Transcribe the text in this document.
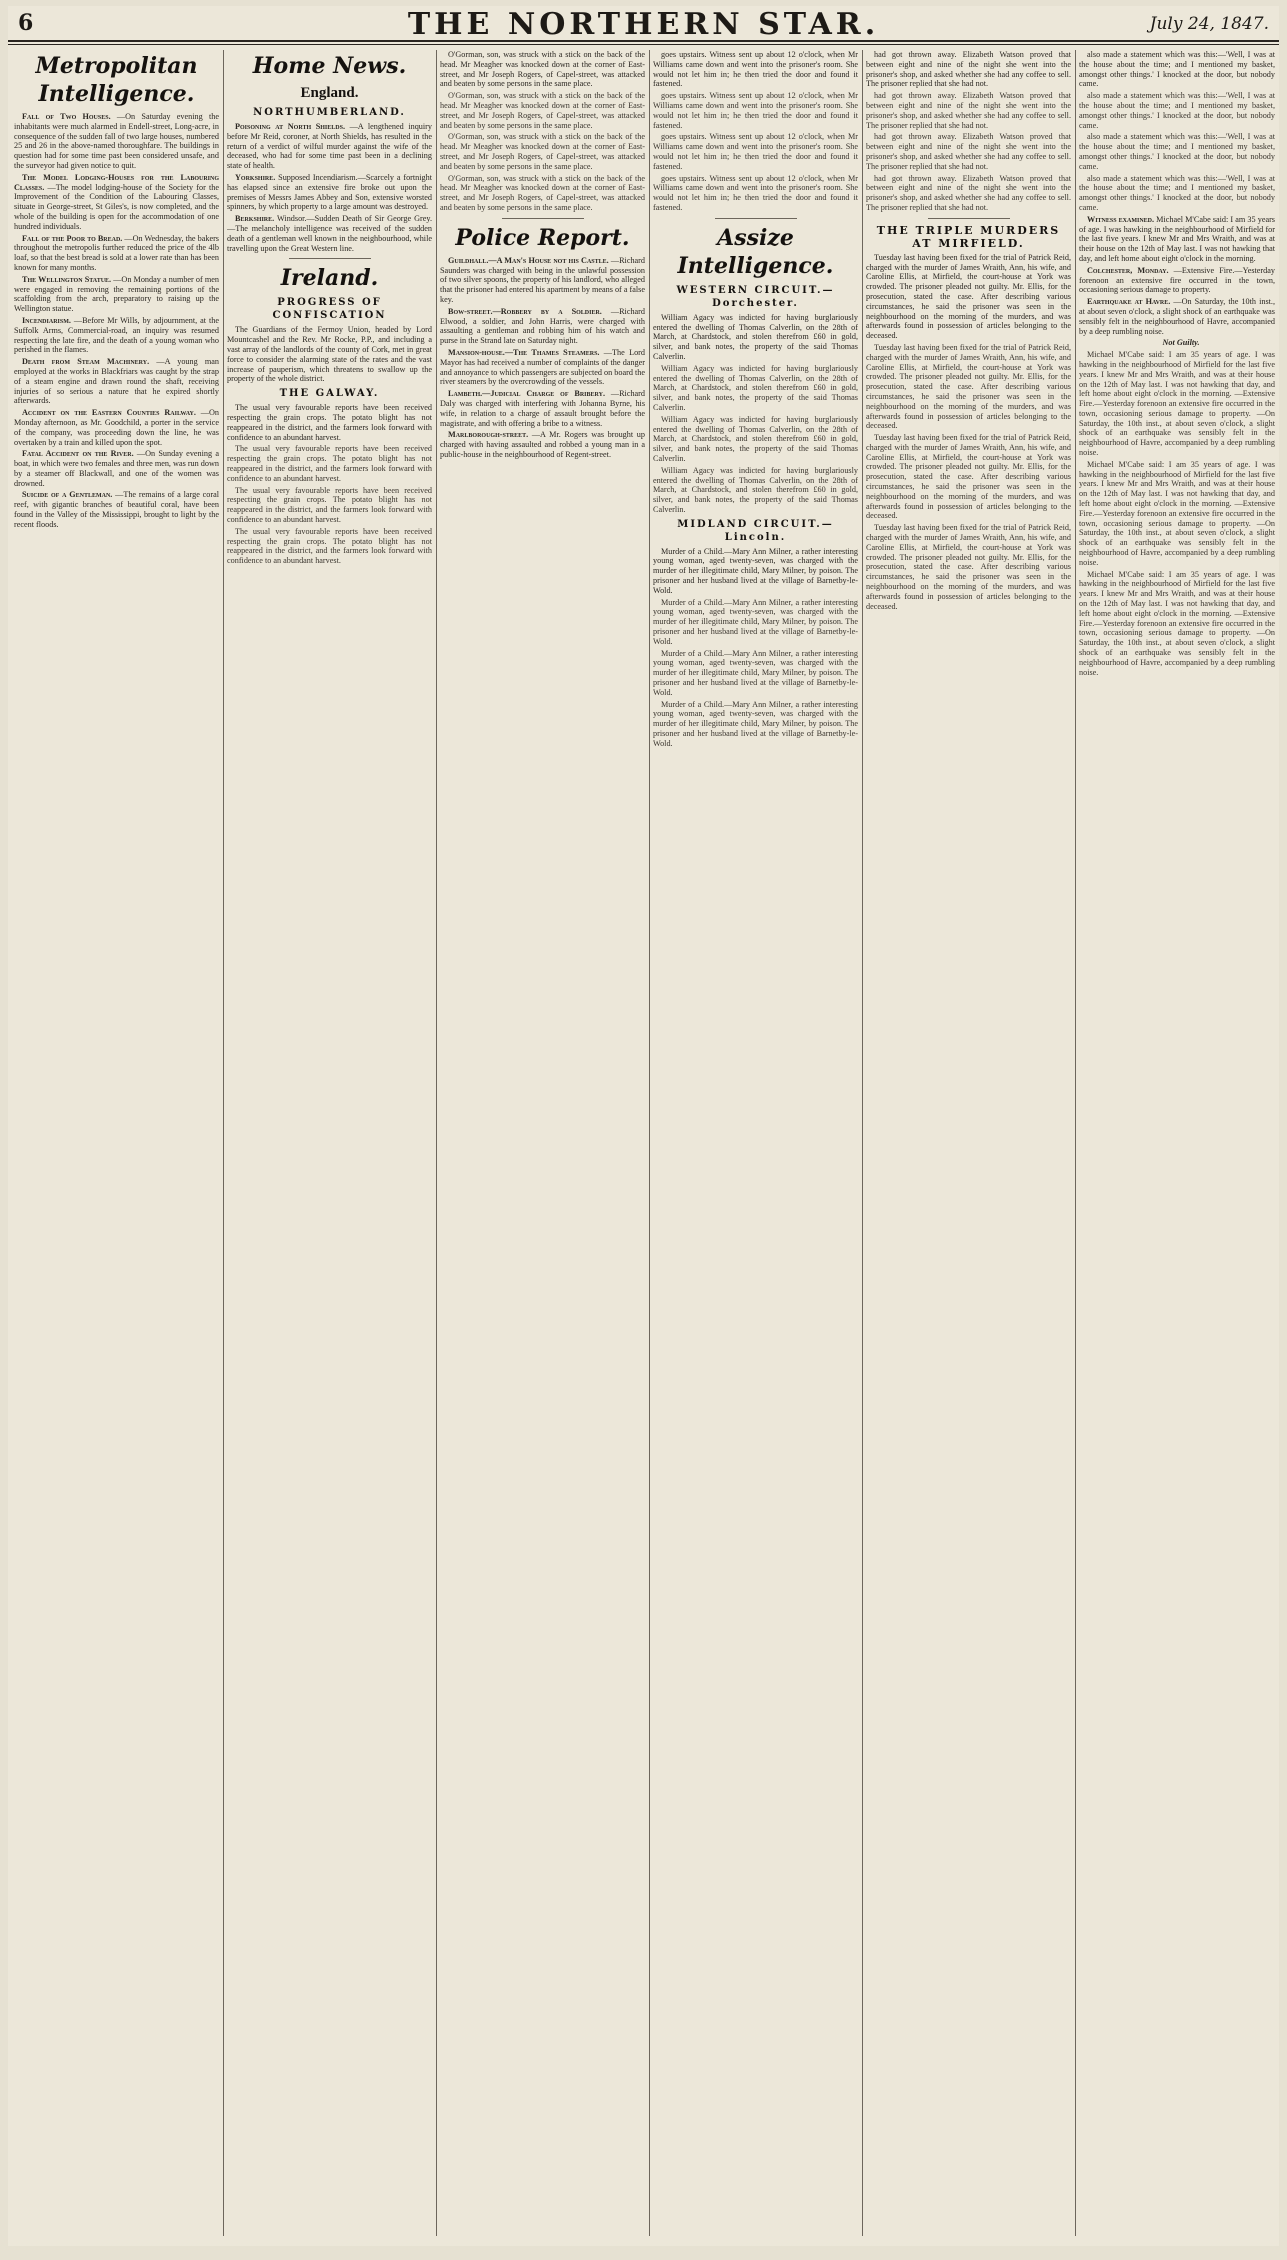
6	THE NORTHERN STAR.	July 24, 1847.
Metropolitan Intelligence.

Fall of Two Houses. —On Saturday evening the inhabitants were much alarmed in Endell-street, Long-acre, in consequence of the sudden fall of two large houses, numbered 25 and 26 in the above-named thoroughfare. The buildings in question had for some time past been considered unsafe, and the surveyor had given notice to quit.

The Model Lodging-Houses for the Labouring Classes. —The model lodging-house of the Society for the Improvement of the Condition of the Labouring Classes, situate in George-street, St Giles's, is now completed, and the whole of the building is open for the accommodation of one hundred individuals.

Fall of the Poor to Bread. —On Wednesday, the bakers throughout the metropolis further reduced the price of the 4lb loaf, so that the best bread is sold at a lower rate than has been known for many months.

The Wellington Statue. —On Monday a number of men were engaged in removing the remaining portions of the scaffolding from the arch, preparatory to raising up the Wellington statue.

Incendiarism. —Before Mr Wills, by adjournment, at the Suffolk Arms, Commercial-road, an inquiry was resumed respecting the late fire, and the death of a young woman who perished in the flames.

Death from Steam Machinery. —A young man employed at the works in Blackfriars was caught by the strap of a steam engine and drawn round the shaft, receiving injuries of so serious a nature that he expired shortly afterwards.

Accident on the Eastern Counties Railway. —On Monday afternoon, as Mr. Goodchild, a porter in the service of the company, was proceeding down the line, he was overtaken by a train and killed upon the spot.

Fatal Accident on the River. —On Sunday evening a boat, in which were two females and three men, was run down by a steamer off Blackwall, and one of the women was drowned.

Suicide of a Gentleman. —The remains of a large coral reef, with gigantic branches of beautiful coral, have been found in the Valley of the Mississippi, brought to light by the recent floods.

Home News.
England.
NORTHUMBERLAND.

Poisoning at North Shields. —A lengthened inquiry before Mr Reid, coroner, at North Shields, has resulted in the return of a verdict of wilful murder against the wife of the deceased, who had for some time past been in a declining state of health.

Yorkshire. Supposed Incendiarism.—Scarcely a fortnight has elapsed since an extensive fire broke out upon the premises of Messrs James Abbey and Son, extensive worsted spinners, by which property to a large amount was destroyed.

Berkshire. Windsor.—Sudden Death of Sir George Grey.—The melancholy intelligence was received of the sudden death of a gentleman well known in the neighbourhood, while travelling upon the Great Western line.

Ireland.
PROGRESS OF CONFISCATION

The Guardians of the Fermoy Union, headed by Lord Mountcashel and the Rev. Mr Rocke, P.P., and including a vast array of the landlords of the county of Cork, met in great force to consider the alarming state of the rates and the vast increase of pauperism, which threatens to swallow up the property of the whole district.

THE GALWAY.

The usual very favourable reports have been received respecting the grain crops. The potato blight has not reappeared in the district, and the farmers look forward with confidence to an abundant harvest.

The usual very favourable reports have been received respecting the grain crops. The potato blight has not reappeared in the district, and the farmers look forward with confidence to an abundant harvest.

The usual very favourable reports have been received respecting the grain crops. The potato blight has not reappeared in the district, and the farmers look forward with confidence to an abundant harvest.

The usual very favourable reports have been received respecting the grain crops. The potato blight has not reappeared in the district, and the farmers look forward with confidence to an abundant harvest.

O'Gorman, son, was struck with a stick on the back of the head. Mr Meagher was knocked down at the corner of East-street, and Mr Joseph Rogers, of Capel-street, was attacked and beaten by some persons in the same place.

O'Gorman, son, was struck with a stick on the back of the head. Mr Meagher was knocked down at the corner of East-street, and Mr Joseph Rogers, of Capel-street, was attacked and beaten by some persons in the same place.

O'Gorman, son, was struck with a stick on the back of the head. Mr Meagher was knocked down at the corner of East-street, and Mr Joseph Rogers, of Capel-street, was attacked and beaten by some persons in the same place.

O'Gorman, son, was struck with a stick on the back of the head. Mr Meagher was knocked down at the corner of East-street, and Mr Joseph Rogers, of Capel-street, was attacked and beaten by some persons in the same place.

Police Report.

Guildhall.—A Man's House not his Castle. —Richard Saunders was charged with being in the unlawful possession of two silver spoons, the property of his landlord, who alleged that the prisoner had entered his apartment by means of a false key.

Bow-street.—Robbery by a Soldier. —Richard Elwood, a soldier, and John Harris, were charged with assaulting a gentleman and robbing him of his watch and purse in the Strand late on Saturday night.

Mansion-house.—The Thames Steamers. —The Lord Mayor has had received a number of complaints of the danger and annoyance to which passengers are subjected on board the river steamers by the overcrowding of the vessels.

Lambeth.—Judicial Charge of Bribery. —Richard Daly was charged with interfering with Johanna Byrne, his wife, in relation to a charge of assault brought before the magistrate, and with offering a bribe to a witness.

Marlborough-street. —A Mr. Rogers was brought up charged with having assaulted and robbed a young man in a public-house in the neighbourhood of Regent-street.

goes upstairs. Witness sent up about 12 o'clock, when Mr Williams came down and went into the prisoner's room. She would not let him in; he then tried the door and found it fastened.

goes upstairs. Witness sent up about 12 o'clock, when Mr Williams came down and went into the prisoner's room. She would not let him in; he then tried the door and found it fastened.

goes upstairs. Witness sent up about 12 o'clock, when Mr Williams came down and went into the prisoner's room. She would not let him in; he then tried the door and found it fastened.

goes upstairs. Witness sent up about 12 o'clock, when Mr Williams came down and went into the prisoner's room. She would not let him in; he then tried the door and found it fastened.

Assize Intelligence.
WESTERN CIRCUIT.—Dorchester.

William Agacy was indicted for having burglariously entered the dwelling of Thomas Calverlin, on the 28th of March, at Chardstock, and stolen therefrom £60 in gold, silver, and bank notes, the property of the said Thomas Calverlin.

William Agacy was indicted for having burglariously entered the dwelling of Thomas Calverlin, on the 28th of March, at Chardstock, and stolen therefrom £60 in gold, silver, and bank notes, the property of the said Thomas Calverlin.

William Agacy was indicted for having burglariously entered the dwelling of Thomas Calverlin, on the 28th of March, at Chardstock, and stolen therefrom £60 in gold, silver, and bank notes, the property of the said Thomas Calverlin.

William Agacy was indicted for having burglariously entered the dwelling of Thomas Calverlin, on the 28th of March, at Chardstock, and stolen therefrom £60 in gold, silver, and bank notes, the property of the said Thomas Calverlin.

MIDLAND CIRCUIT.—Lincoln.

Murder of a Child.—Mary Ann Milner, a rather interesting young woman, aged twenty-seven, was charged with the murder of her illegitimate child, Mary Milner, by poison. The prisoner and her husband lived at the village of Barnetby-le-Wold.

Murder of a Child.—Mary Ann Milner, a rather interesting young woman, aged twenty-seven, was charged with the murder of her illegitimate child, Mary Milner, by poison. The prisoner and her husband lived at the village of Barnetby-le-Wold.

Murder of a Child.—Mary Ann Milner, a rather interesting young woman, aged twenty-seven, was charged with the murder of her illegitimate child, Mary Milner, by poison. The prisoner and her husband lived at the village of Barnetby-le-Wold.

Murder of a Child.—Mary Ann Milner, a rather interesting young woman, aged twenty-seven, was charged with the murder of her illegitimate child, Mary Milner, by poison. The prisoner and her husband lived at the village of Barnetby-le-Wold.

had got thrown away. Elizabeth Watson proved that between eight and nine of the night she went into the prisoner's shop, and asked whether she had any coffee to sell. The prisoner replied that she had not.

had got thrown away. Elizabeth Watson proved that between eight and nine of the night she went into the prisoner's shop, and asked whether she had any coffee to sell. The prisoner replied that she had not.

had got thrown away. Elizabeth Watson proved that between eight and nine of the night she went into the prisoner's shop, and asked whether she had any coffee to sell. The prisoner replied that she had not.

had got thrown away. Elizabeth Watson proved that between eight and nine of the night she went into the prisoner's shop, and asked whether she had any coffee to sell. The prisoner replied that she had not.

THE TRIPLE MURDERS AT MIRFIELD.

Tuesday last having been fixed for the trial of Patrick Reid, charged with the murder of James Wraith, Ann, his wife, and Caroline Ellis, at Mirfield, the court-house at York was crowded. The prisoner pleaded not guilty. Mr. Ellis, for the prosecution, stated the case. After describing various circumstances, he said the prisoner was seen in the neighbourhood on the morning of the murders, and was afterwards found in possession of articles belonging to the deceased.

Tuesday last having been fixed for the trial of Patrick Reid, charged with the murder of James Wraith, Ann, his wife, and Caroline Ellis, at Mirfield, the court-house at York was crowded. The prisoner pleaded not guilty. Mr. Ellis, for the prosecution, stated the case. After describing various circumstances, he said the prisoner was seen in the neighbourhood on the morning of the murders, and was afterwards found in possession of articles belonging to the deceased.

Tuesday last having been fixed for the trial of Patrick Reid, charged with the murder of James Wraith, Ann, his wife, and Caroline Ellis, at Mirfield, the court-house at York was crowded. The prisoner pleaded not guilty. Mr. Ellis, for the prosecution, stated the case. After describing various circumstances, he said the prisoner was seen in the neighbourhood on the morning of the murders, and was afterwards found in possession of articles belonging to the deceased.

Tuesday last having been fixed for the trial of Patrick Reid, charged with the murder of James Wraith, Ann, his wife, and Caroline Ellis, at Mirfield, the court-house at York was crowded. The prisoner pleaded not guilty. Mr. Ellis, for the prosecution, stated the case. After describing various circumstances, he said the prisoner was seen in the neighbourhood on the morning of the murders, and was afterwards found in possession of articles belonging to the deceased.

also made a statement which was this:—'Well, I was at the house about the time; and I mentioned my basket, amongst other things.' I knocked at the door, but nobody came.

also made a statement which was this:—'Well, I was at the house about the time; and I mentioned my basket, amongst other things.' I knocked at the door, but nobody came.

also made a statement which was this:—'Well, I was at the house about the time; and I mentioned my basket, amongst other things.' I knocked at the door, but nobody came.

also made a statement which was this:—'Well, I was at the house about the time; and I mentioned my basket, amongst other things.' I knocked at the door, but nobody came.

Witness examined. Michael M'Cabe said: I am 35 years of age. I was hawking in the neighbourhood of Mirfield for the last five years. I knew Mr and Mrs Wraith, and was at their house on the 12th of May last. I was not hawking that day, and left home about eight o'clock in the morning.

Colchester, Monday. —Extensive Fire.—Yesterday forenoon an extensive fire occurred in the town, occasioning serious damage to property.

Earthquake at Havre. —On Saturday, the 10th inst., at about seven o'clock, a slight shock of an earthquake was sensibly felt in the neighbourhood of Havre, accompanied by a deep rumbling noise.

Not Guilty.

Michael M'Cabe said: I am 35 years of age. I was hawking in the neighbourhood of Mirfield for the last five years. I knew Mr and Mrs Wraith, and was at their house on the 12th of May last. I was not hawking that day, and left home about eight o'clock in the morning. —Extensive Fire.—Yesterday forenoon an extensive fire occurred in the town, occasioning serious damage to property. —On Saturday, the 10th inst., at about seven o'clock, a slight shock of an earthquake was sensibly felt in the neighbourhood of Havre, accompanied by a deep rumbling noise.

Michael M'Cabe said: I am 35 years of age. I was hawking in the neighbourhood of Mirfield for the last five years. I knew Mr and Mrs Wraith, and was at their house on the 12th of May last. I was not hawking that day, and left home about eight o'clock in the morning. —Extensive Fire.—Yesterday forenoon an extensive fire occurred in the town, occasioning serious damage to property. —On Saturday, the 10th inst., at about seven o'clock, a slight shock of an earthquake was sensibly felt in the neighbourhood of Havre, accompanied by a deep rumbling noise.

Michael M'Cabe said: I am 35 years of age. I was hawking in the neighbourhood of Mirfield for the last five years. I knew Mr and Mrs Wraith, and was at their house on the 12th of May last. I was not hawking that day, and left home about eight o'clock in the morning. —Extensive Fire.—Yesterday forenoon an extensive fire occurred in the town, occasioning serious damage to property. —On Saturday, the 10th inst., at about seven o'clock, a slight shock of an earthquake was sensibly felt in the neighbourhood of Havre, accompanied by a deep rumbling noise.
